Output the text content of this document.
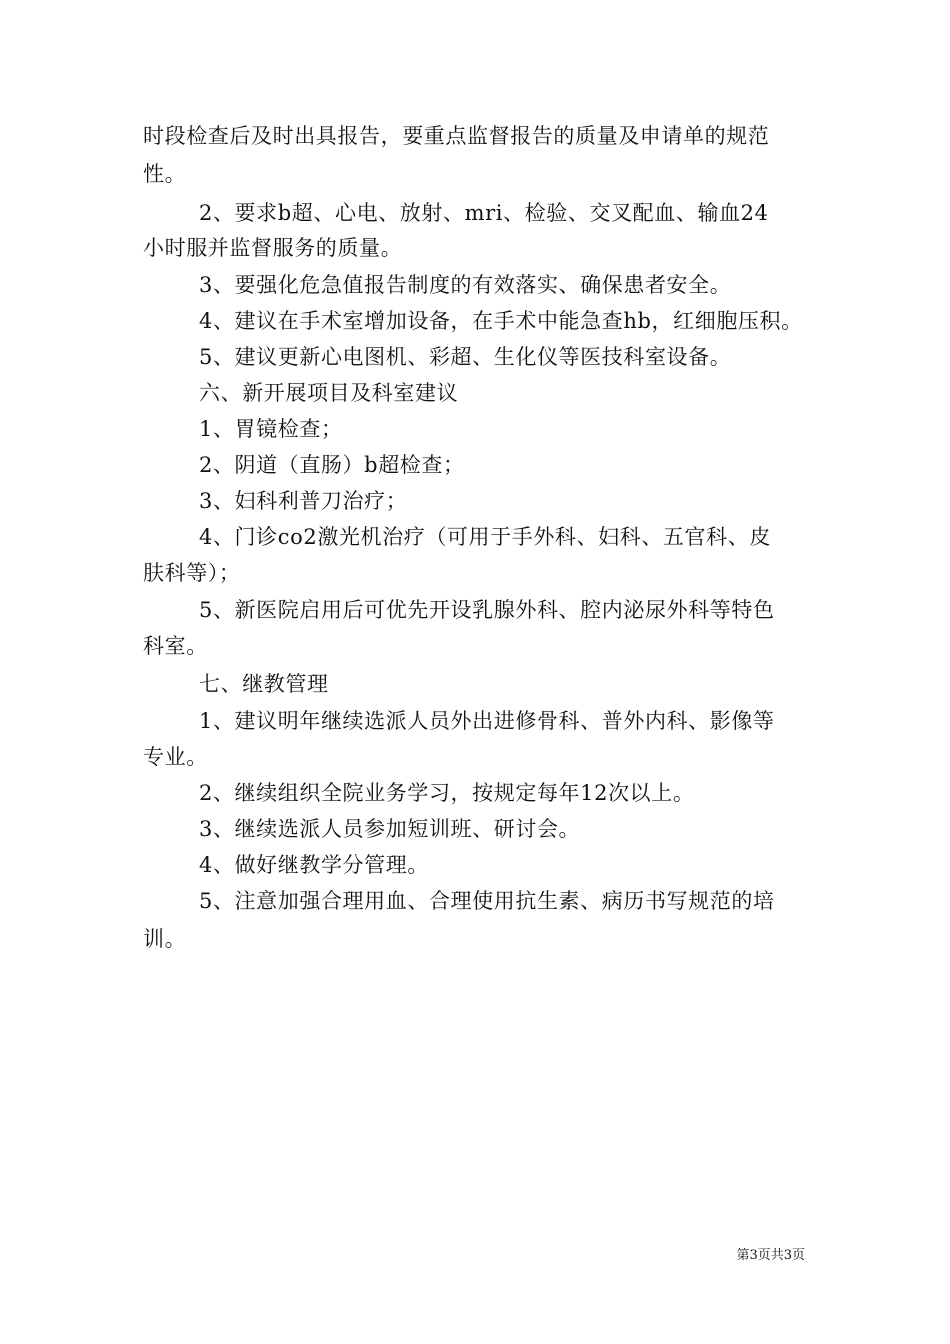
时段检查后及时出具报告，要重点监督报告的质量及申请单的规范
性。
2、要求b超、心电、放射、mri、检验、交叉配血、输血24
小时服并监督服务的质量。
3、要强化危急值报告制度的有效落实、确保患者安全。
4、建议在手术室增加设备，在手术中能急查hb，红细胞压积。
5、建议更新心电图机、彩超、生化仪等医技科室设备。
六、新开展项目及科室建议
1、胃镜检查；
2、阴道（直肠）b超检查；
3、妇科利普刀治疗；
4、门诊co2激光机治疗（可用于手外科、妇科、五官科、皮
肤科等）；
5、新医院启用后可优先开设乳腺外科、腔内泌尿外科等特色
科室。
七、继教管理
1、建议明年继续选派人员外出进修骨科、普外内科、影像等
专业。
2、继续组织全院业务学习，按规定每年12次以上。
3、继续选派人员参加短训班、研讨会。
4、做好继教学分管理。
5、注意加强合理用血、合理使用抗生素、病历书写规范的培
训。
第3页共3页
